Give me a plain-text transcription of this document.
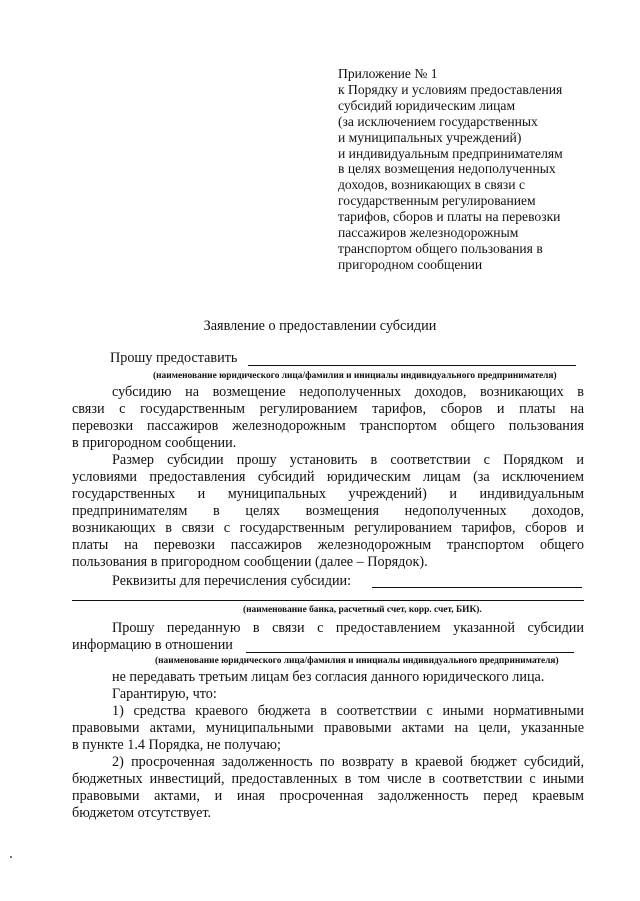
Приложение № 1
к Порядку и условиям предоставления
субсидий юридическим лицам
(за исключением государственных
и муниципальных учреждений)
и индивидуальным предпринимателям
в целях возмещения недополученных
доходов, возникающих в связи с
государственным регулированием
тарифов, сборов и платы на перевозки
пассажиров железнодорожным
транспортом общего пользования в
пригородном сообщении
Заявление о предоставлении субсидии
Прошу предоставить
(наименование юридического лица/фамилия и инициалы индивидуального предпринимателя)
субсидию на возмещение недополученных доходов, возникающих в
связи с государственным регулированием тарифов, сборов и платы на
перевозки пассажиров железнодорожным транспортом общего пользования
в пригородном сообщении.
Размер субсидии прошу установить в соответствии с Порядком и
условиями предоставления субсидий юридическим лицам (за исключением
государственных и муниципальных учреждений) и индивидуальным
предпринимателям в целях возмещения недополученных доходов,
возникающих в связи с государственным регулированием тарифов, сборов и
платы на перевозки пассажиров железнодорожным транспортом общего
пользования в пригородном сообщении (далее – Порядок).
Реквизиты для перечисления субсидии:
(наименование банка, расчетный счет, корр. счет, БИК).
Прошу переданную в связи с предоставлением указанной субсидии
информацию в отношении
(наименование юридического лица/фамилия и инициалы индивидуального предпринимателя)
не передавать третьим лицам без согласия данного юридического лица.
Гарантирую, что:
1) средства краевого бюджета в соответствии с иными нормативными
правовыми актами, муниципальными правовыми актами на цели, указанные
в пункте 1.4 Порядка, не получаю;
2) просроченная задолженность по возврату в краевой бюджет субсидий,
бюджетных инвестиций, предоставленных в том числе в соответствии с иными
правовыми актами, и иная просроченная задолженность перед краевым
бюджетом отсутствует.
